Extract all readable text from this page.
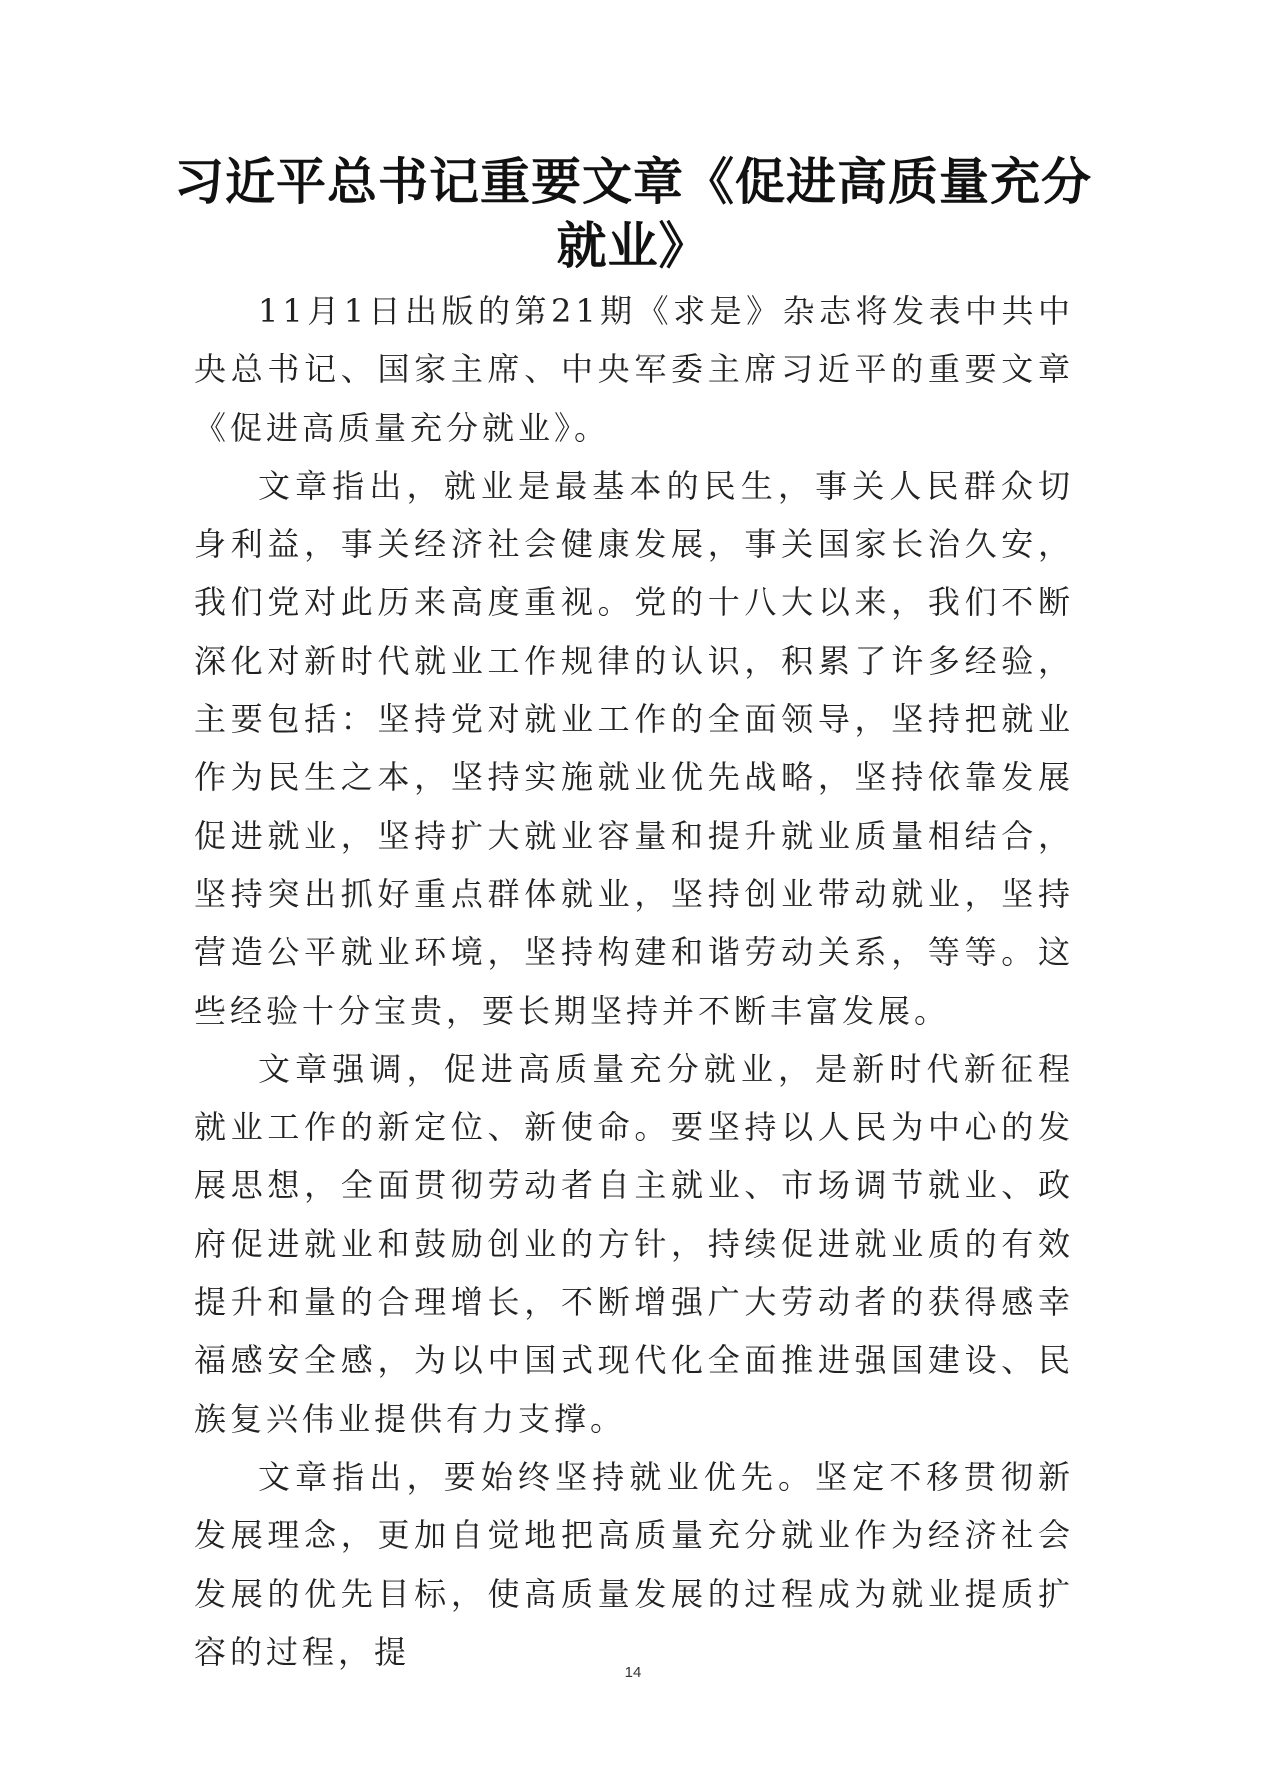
习近平总书记重要文章《促进高质量充分就业》

11月1日出版的第21期《求是》杂志将发表中共中央总书记、国家主席、中央军委主席习近平的重要文章《促进高质量充分就业》。

文章指出，就业是最基本的民生，事关人民群众切身利益，事关经济社会健康发展，事关国家长治久安，我们党对此历来高度重视。党的十八大以来，我们不断深化对新时代就业工作规律的认识，积累了许多经验，主要包括：坚持党对就业工作的全面领导，坚持把就业作为民生之本，坚持实施就业优先战略，坚持依靠发展促进就业，坚持扩大就业容量和提升就业质量相结合，坚持突出抓好重点群体就业，坚持创业带动就业，坚持营造公平就业环境，坚持构建和谐劳动关系，等等。这些经验十分宝贵，要长期坚持并不断丰富发展。

文章强调，促进高质量充分就业，是新时代新征程就业工作的新定位、新使命。要坚持以人民为中心的发展思想，全面贯彻劳动者自主就业、市场调节就业、政府促进就业和鼓励创业的方针，持续促进就业质的有效提升和量的合理增长，不断增强广大劳动者的获得感幸福感安全感，为以中国式现代化全面推进强国建设、民族复兴伟业提供有力支撑。

文章指出，要始终坚持就业优先。坚定不移贯彻新发展理念，更加自觉地把高质量充分就业作为经济社会发展的优先目标，使高质量发展的过程成为就业提质扩容的过程，提

14
